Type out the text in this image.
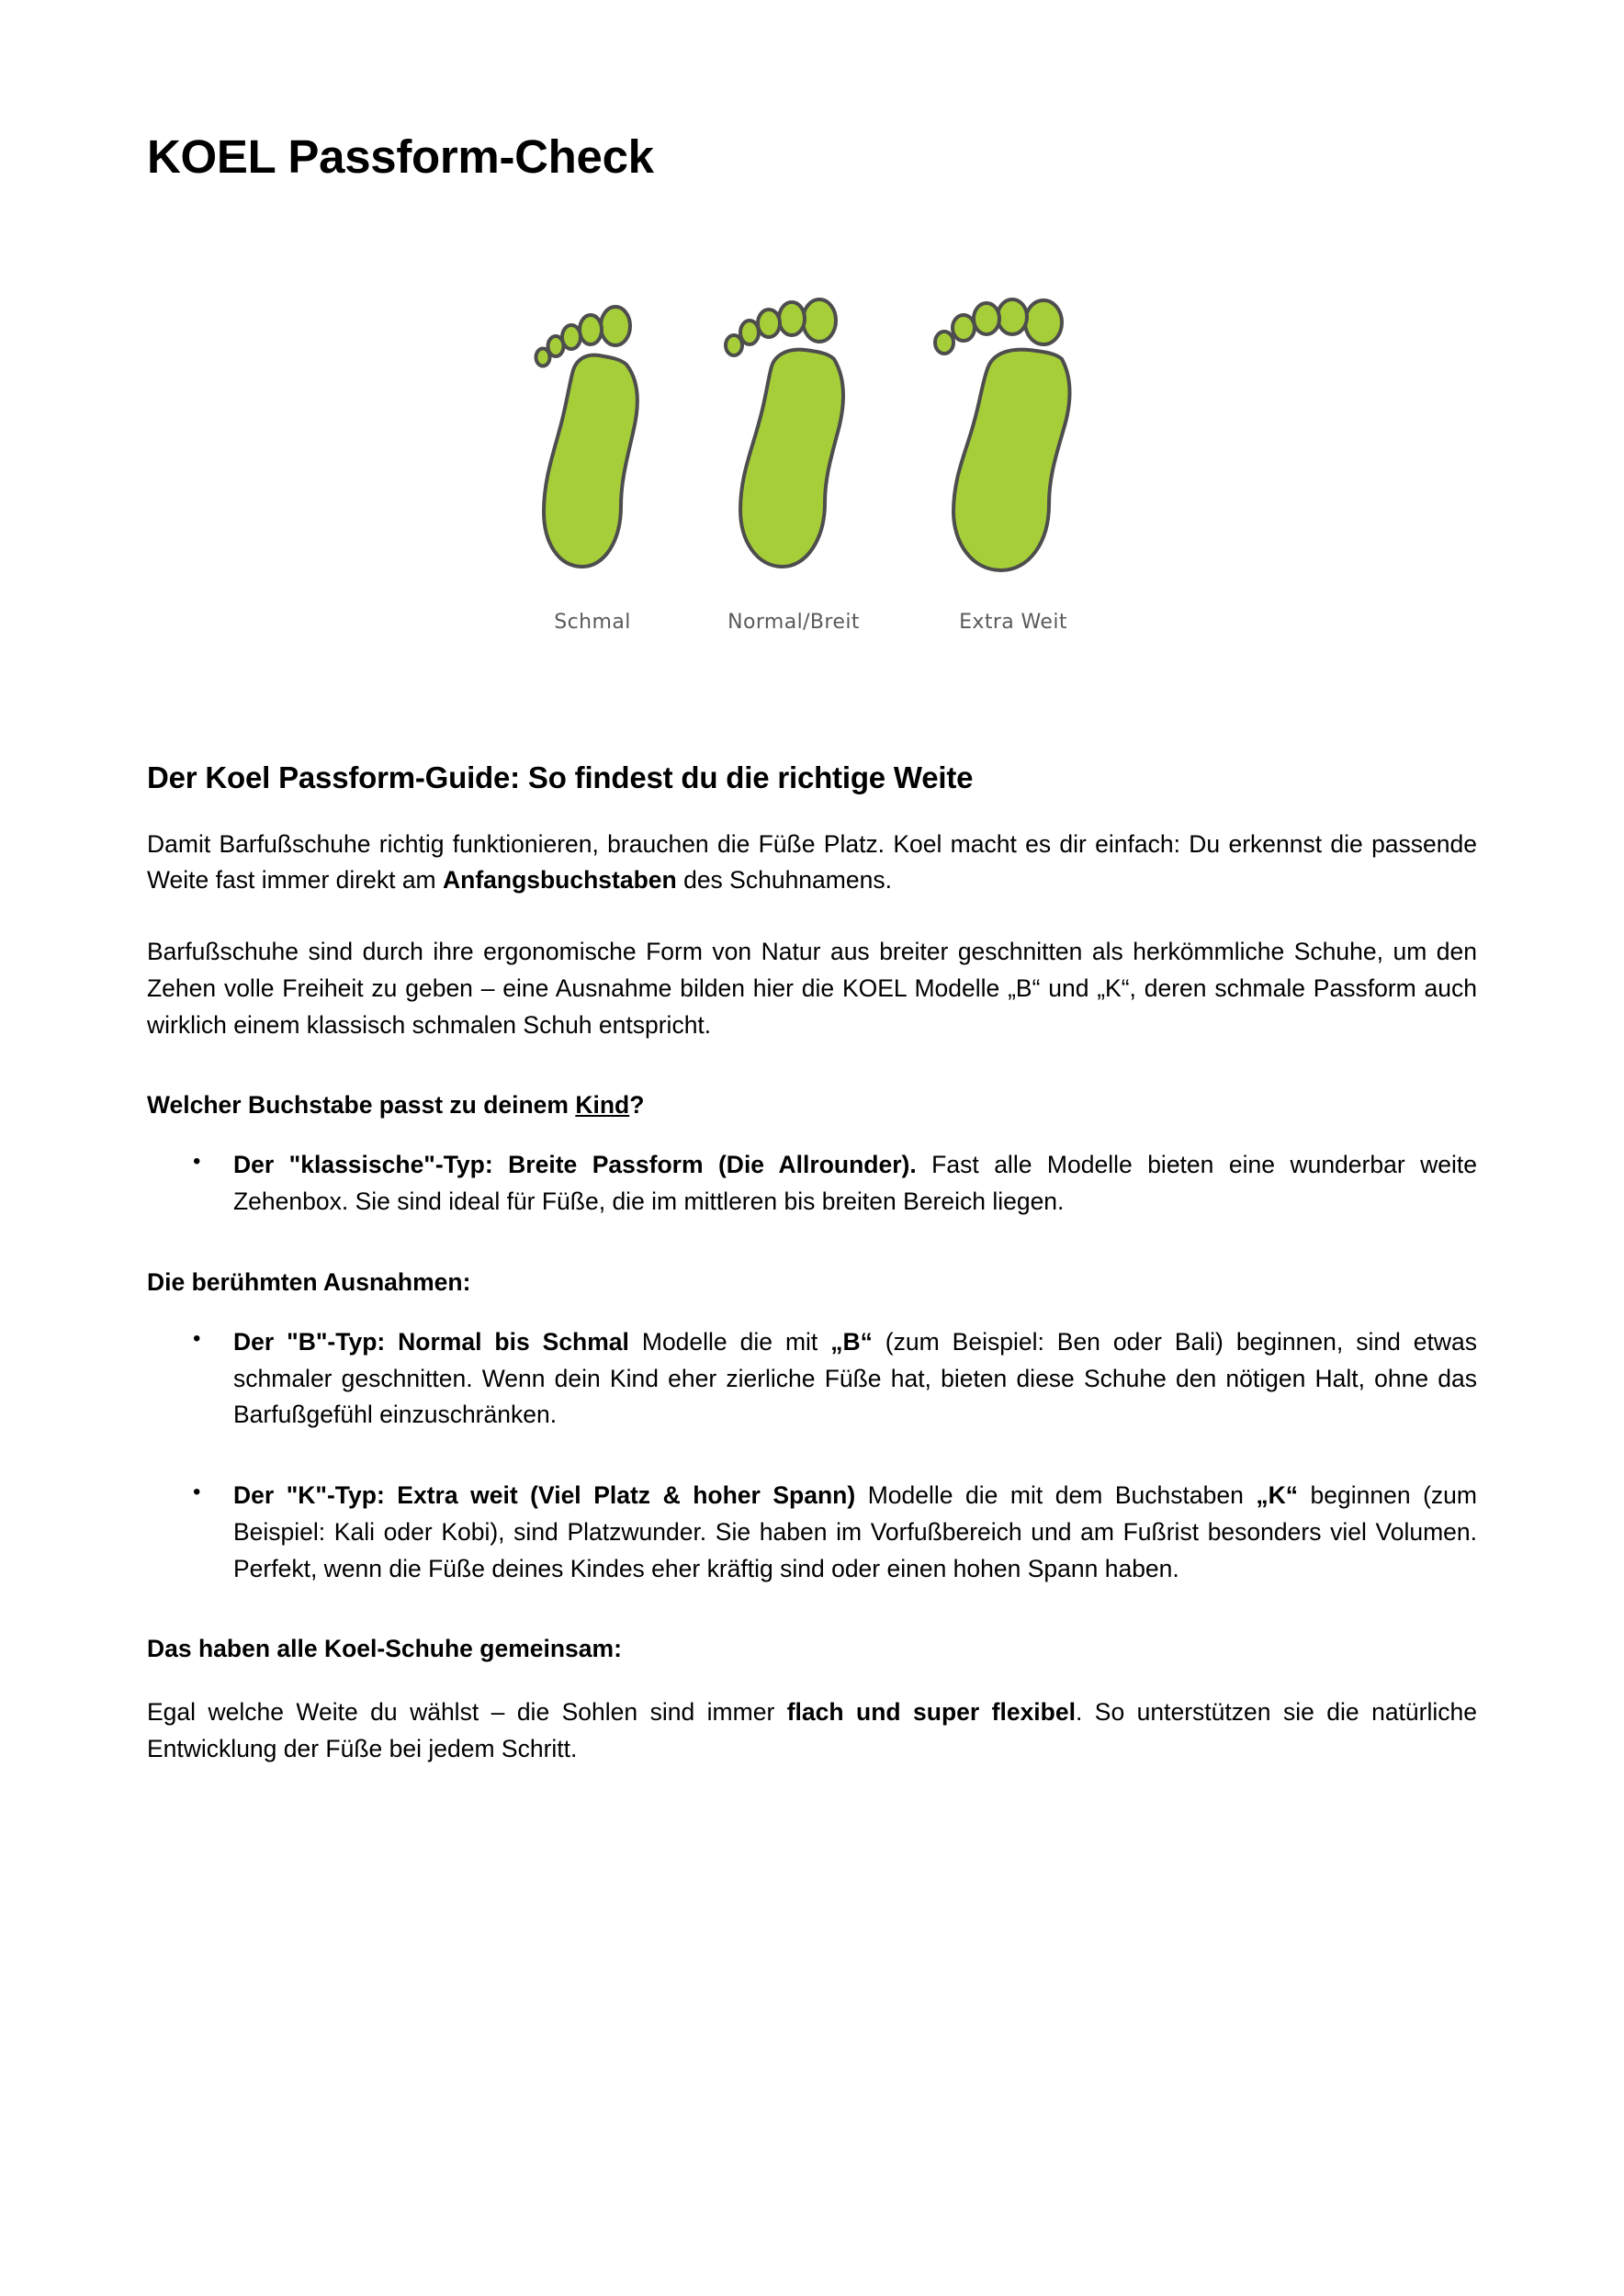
KOEL Passform-Check
Schmal	Normal/Breit	Extra Weit
Der Koel Passform-Guide: So findest du die richtige Weite

Damit Barfußschuhe richtig funktionieren, brauchen die Füße Platz. Koel macht es dir einfach: Du erkennst die passende Weite fast immer direkt am Anfangsbuchstaben des Schuhnamens.

Barfußschuhe sind durch ihre ergonomische Form von Natur aus breiter geschnitten als herkömmliche Schuhe, um den Zehen volle Freiheit zu geben – eine Ausnahme bilden hier die KOEL Modelle „B“ und „K“, deren schmale Passform auch wirklich einem klassisch schmalen Schuh entspricht.

Welcher Buchstabe passt zu deinem Kind?
• Der "klassische"-Typ: Breite Passform (Die Allrounder). Fast alle Modelle bieten eine wunderbar weite Zehenbox. Sie sind ideal für Füße, die im mittleren bis breiten Bereich liegen.
Die berühmten Ausnahmen:
• Der "B"-Typ: Normal bis Schmal Modelle die mit „B“ (zum Beispiel: Ben oder Bali) beginnen, sind etwas schmaler geschnitten. Wenn dein Kind eher zierliche Füße hat, bieten diese Schuhe den nötigen Halt, ohne das Barfußgefühl einzuschränken.
• Der "K"-Typ: Extra weit (Viel Platz & hoher Spann) Modelle die mit dem Buchstaben „K“ beginnen (zum Beispiel: Kali oder Kobi), sind Platzwunder. Sie haben im Vorfußbereich und am Fußrist besonders viel Volumen. Perfekt, wenn die Füße deines Kindes eher kräftig sind oder einen hohen Spann haben.
Das haben alle Koel-Schuhe gemeinsam:

Egal welche Weite du wählst – die Sohlen sind immer flach und super flexibel. So unterstützen sie die natürliche Entwicklung der Füße bei jedem Schritt.
